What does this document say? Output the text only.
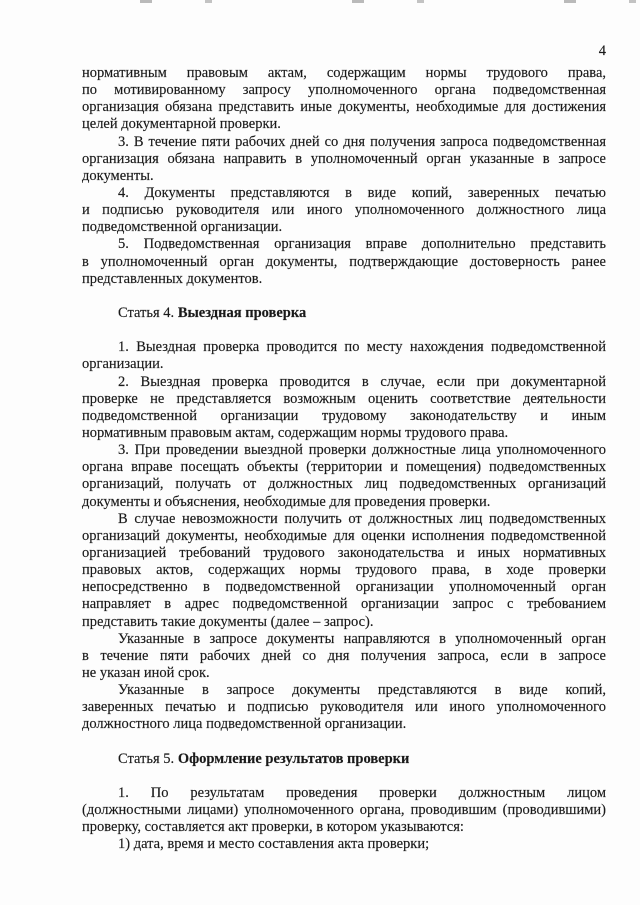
4
нормативным правовым актам, содержащим нормы трудового права,
по мотивированному запросу уполномоченного органа подведомственная
организация обязана представить иные документы, необходимые для достижения
целей документарной проверки.
3. В течение пяти рабочих дней со дня получения запроса подведомственная
организация обязана направить в уполномоченный орган указанные в запросе
документы.
4. Документы представляются в виде копий, заверенных печатью
и подписью руководителя или иного уполномоченного должностного лица
подведомственной организации.
5. Подведомственная организация вправе дополнительно представить
в уполномоченный орган документы, подтверждающие достоверность ранее
представленных документов.
Статья 4. Выездная проверка
1. Выездная проверка проводится по месту нахождения подведомственной
организации.
2. Выездная проверка проводится в случае, если при документарной
проверке не представляется возможным оценить соответствие деятельности
подведомственной организации трудовому законодательству и иным
нормативным правовым актам, содержащим нормы трудового права.
3. При проведении выездной проверки должностные лица уполномоченного
органа вправе посещать объекты (территории и помещения) подведомственных
организаций, получать от должностных лиц подведомственных организаций
документы и объяснения, необходимые для проведения проверки.
В случае невозможности получить от должностных лиц подведомственных
организаций документы, необходимые для оценки исполнения подведомственной
организацией требований трудового законодательства и иных нормативных
правовых актов, содержащих нормы трудового права, в ходе проверки
непосредственно в подведомственной организации уполномоченный орган
направляет в адрес подведомственной организации запрос с требованием
представить такие документы (далее – запрос).
Указанные в запросе документы направляются в уполномоченный орган
в течение пяти рабочих дней со дня получения запроса, если в запросе
не указан иной срок.
Указанные в запросе документы представляются в виде копий,
заверенных печатью и подписью руководителя или иного уполномоченного
должностного лица подведомственной организации.
Статья 5. Оформление результатов проверки
1. По результатам проведения проверки должностным лицом
(должностными лицами) уполномоченного органа, проводившим (проводившими)
проверку, составляется акт проверки, в котором указываются:
1) дата, время и место составления акта проверки;
